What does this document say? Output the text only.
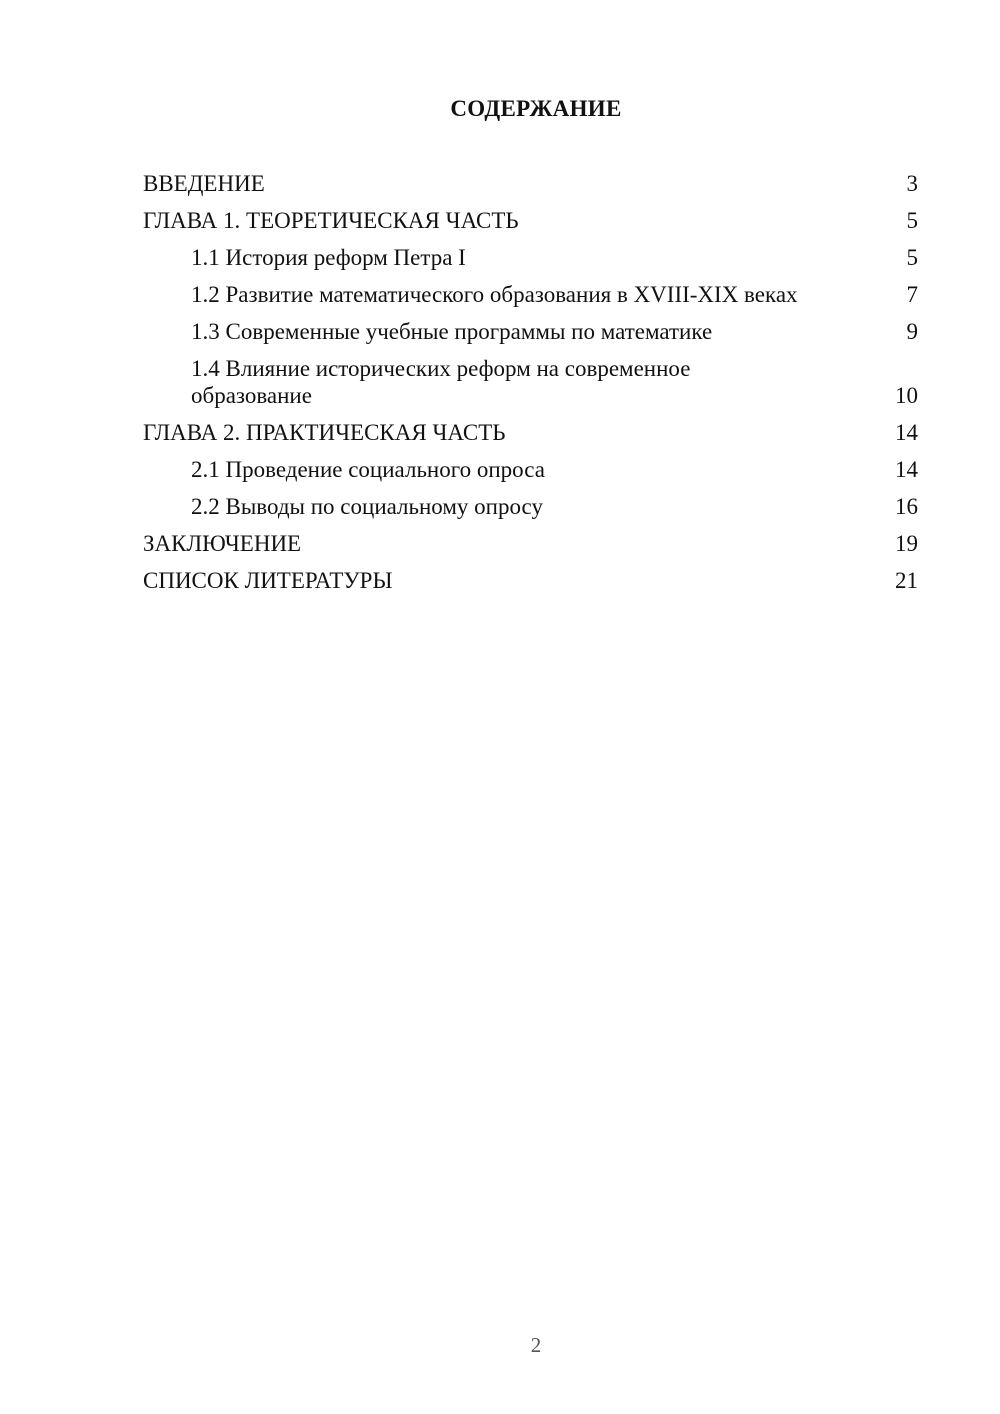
СОДЕРЖАНИЕ
ВВЕДЕНИЕ	3
ГЛАВА 1. ТЕОРЕТИЧЕСКАЯ ЧАСТЬ	5
1.1 История реформ Петра I	5
1.2 Развитие математического образования в XVIII-XIX веках	7
1.3 Современные учебные программы по математике	9
1.4 Влияние исторических реформ на современное образование	10
ГЛАВА 2. ПРАКТИЧЕСКАЯ ЧАСТЬ	14
2.1 Проведение социального опроса	14
2.2 Выводы по социальному опросу	16
ЗАКЛЮЧЕНИЕ	19
СПИСОК ЛИТЕРАТУРЫ	21
2
